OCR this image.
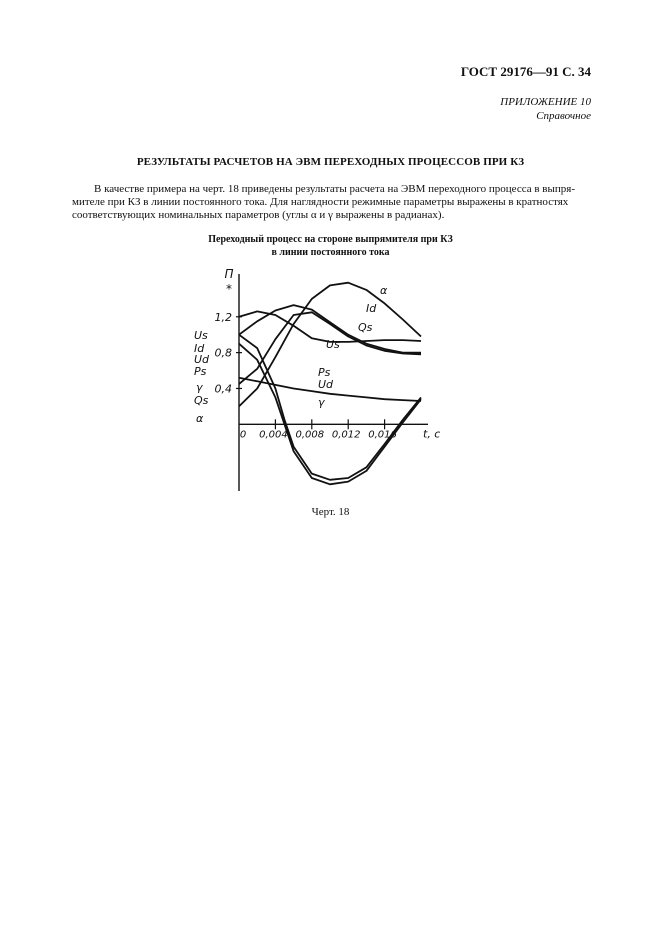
ГОСТ 29176—91 С. 34
ПРИЛОЖЕНИЕ 10
Справочное
РЕЗУЛЬТАТЫ РАСЧЕТОВ НА ЭВМ ПЕРЕХОДНЫХ ПРОЦЕССОВ ПРИ КЗ
В качестве примера на черт. 18 приведены результаты расчета на ЭВМ переходного процесса в выпря-
мителе при КЗ в линии постоянного тока. Для наглядности режимные параметры выражены в кратностях
соответствующих номинальных параметров (углы α и γ выражены в радианах).
Переходный процесс на стороне выпрямителя при КЗ
в линии постоянного тока
0,4
0,8
1,2
0 0,004 0,008 0,012 0,016
П
*
t, c
Us
Id
Ud
Ps
γ
Qs
α
α
Id
Qs
Us
Ps
Ud
γ
Черт. 18
